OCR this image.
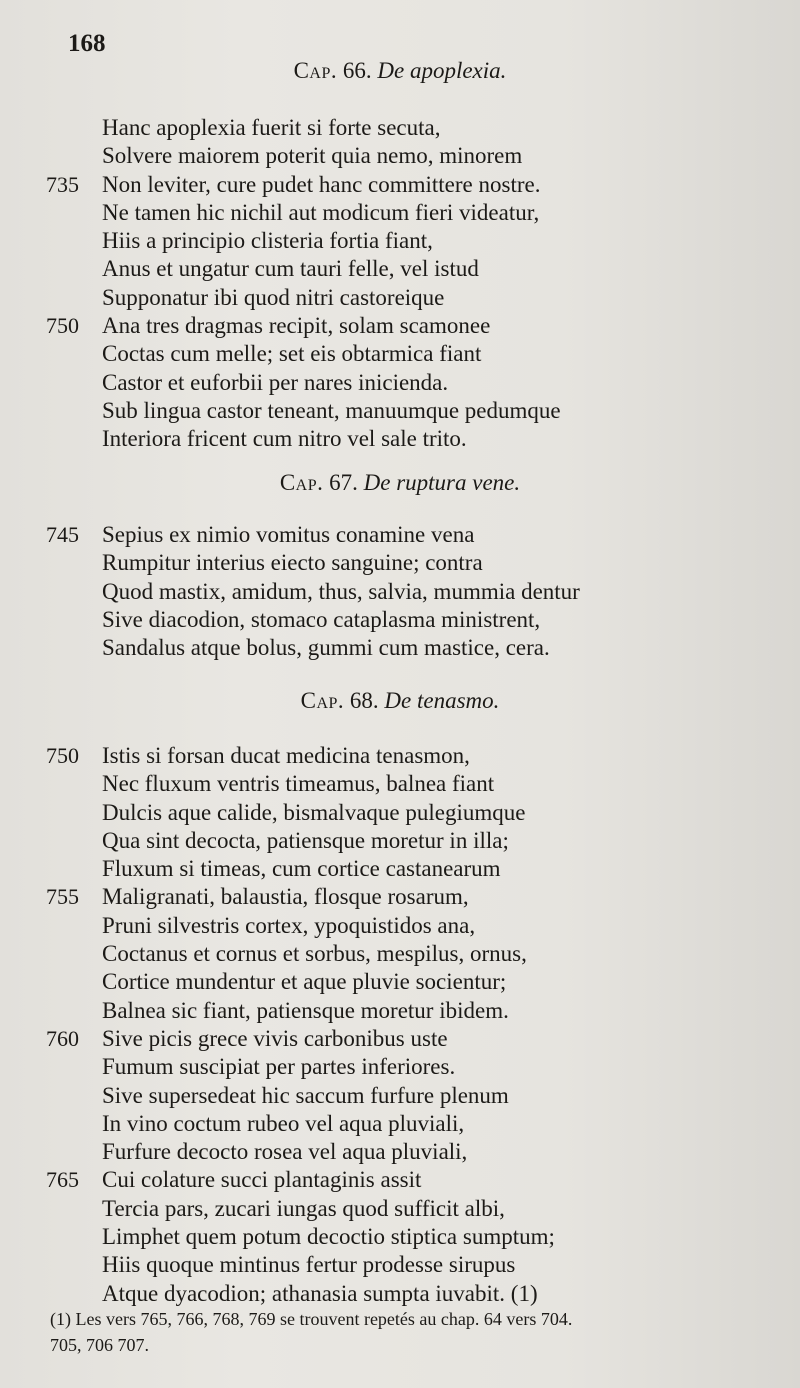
168
Cap. 66. De apoplexia.
Hanc apoplexia fuerit si forte secuta,
Solvere maiorem poterit quia nemo, minorem
735	Non leviter, cure pudet hanc committere nostre.
Ne tamen hic nichil aut modicum fieri videatur,
Hiis a principio clisteria fortia fiant,
Anus et ungatur cum tauri felle, vel istud
Supponatur ibi quod nitri castoreique
750	Ana tres dragmas recipit, solam scamonee
Coctas cum melle; set eis obtarmica fiant
Castor et euforbii per nares inicienda.
Sub lingua castor teneant, manuumque pedumque
Interiora fricent cum nitro vel sale trito.
Cap. 67. De ruptura vene.
745	Sepius ex nimio vomitus conamine vena
Rumpitur interius eiecto sanguine; contra
Quod mastix, amidum, thus, salvia, mummia dentur
Sive diacodion, stomaco cataplasma ministrent,
Sandalus atque bolus, gummi cum mastice, cera.
Cap. 68. De tenasmo.
750	Istis si forsan ducat medicina tenasmon,
Nec fluxum ventris timeamus, balnea fiant
Dulcis aque calide, bismalvaque pulegiumque
Qua sint decocta, patiensque moretur in illa;
Fluxum si timeas, cum cortice castanearum
755	Maligranati, balaustia, flosque rosarum,
Pruni silvestris cortex, ypoquistidos ana,
Coctanus et cornus et sorbus, mespilus, ornus,
Cortice mundentur et aque pluvie socientur;
Balnea sic fiant, patiensque moretur ibidem.
760	Sive picis grece vivis carbonibus uste
Fumum suscipiat per partes inferiores.
Sive supersedeat hic saccum furfure plenum
In vino coctum rubeo vel aqua pluviali,
Furfure decocto rosea vel aqua pluviali,
765	Cui colature succi plantaginis assit
Tercia pars, zucari iungas quod sufficit albi,
Limphet quem potum decoctio stiptica sumptum;
Hiis quoque mintinus fertur prodesse sirupus
Atque dyacodion; athanasia sumpta iuvabit. (1)
(1) Les vers 765, 766, 768, 769 se trouvent repetés au chap. 64 vers 704.
705, 706 707.
